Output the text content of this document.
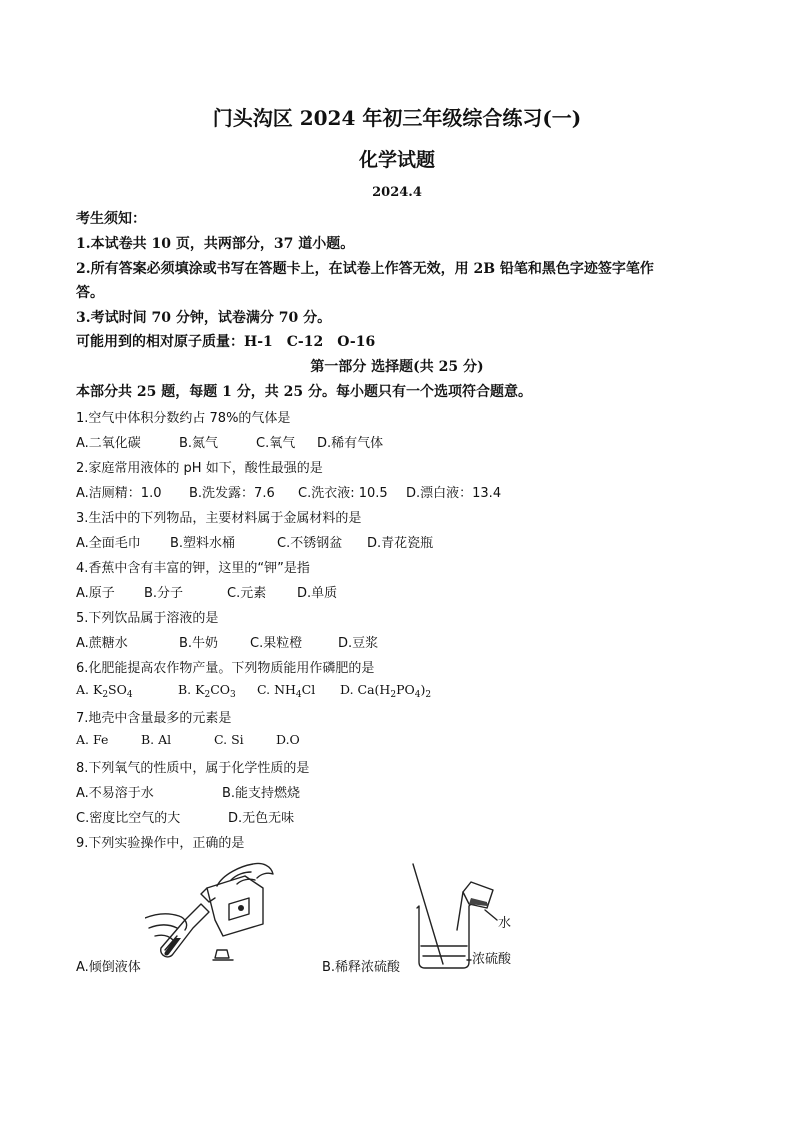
门头沟区 2024 年初三年级综合练习(一)
化学试题
2024.4
考生须知：
1.本试卷共 10 页，共两部分，37 道小题。
2.所有答案必须填涂或书写在答题卡上，在试卷上作答无效，用 2B 铅笔和黑色字迹签字笔作
答。
3.考试时间 70 分钟，试卷满分 70 分。
可能用到的相对原子质量：H-1　C-12　O-16
第一部分 选择题(共 25 分)
本部分共 25 题，每题 1 分，共 25 分。每小题只有一个选项符合题意。
1.空气中体积分数约占 78%的气体是
A.二氧化碳	B.氮气	C.氧气 D.稀有气体
2.家庭常用液体的 pH 如下，酸性最强的是
A.洁厕精：1.0 B.洗发露：7.6 C.洗衣液: 10.5 D.漂白液：13.4
3.生活中的下列物品，主要材料属于金属材料的是
A.全面毛巾 B.塑料水桶	C.不锈钢盆 D.青花瓷瓶
4.香蕉中含有丰富的钾，这里的“钾”是指
A.原子 B.分子	C.元素 D.单质
5.下列饮品属于溶液的是
A.蔗糖水	B.牛奶 C.果粒橙	D.豆浆
6.化肥能提高农作物产量。下列物质能用作磷肥的是
A. $K_2SO_4$	B. $K_2CO_3$ C. $NH_4Cl$ D. $Ca(H_2PO_4)_2$
7.地壳中含量最多的元素是
A. Fe	B. Al	C. Si	D.O
8.下列氧气的性质中，属于化学性质的是
A.不易溶于水	B.能支持燃烧
C.密度比空气的大	D.无色无味
9.下列实验操作中，正确的是
A.倾倒液体
水
浓硫酸
B.稀释浓硫酸
